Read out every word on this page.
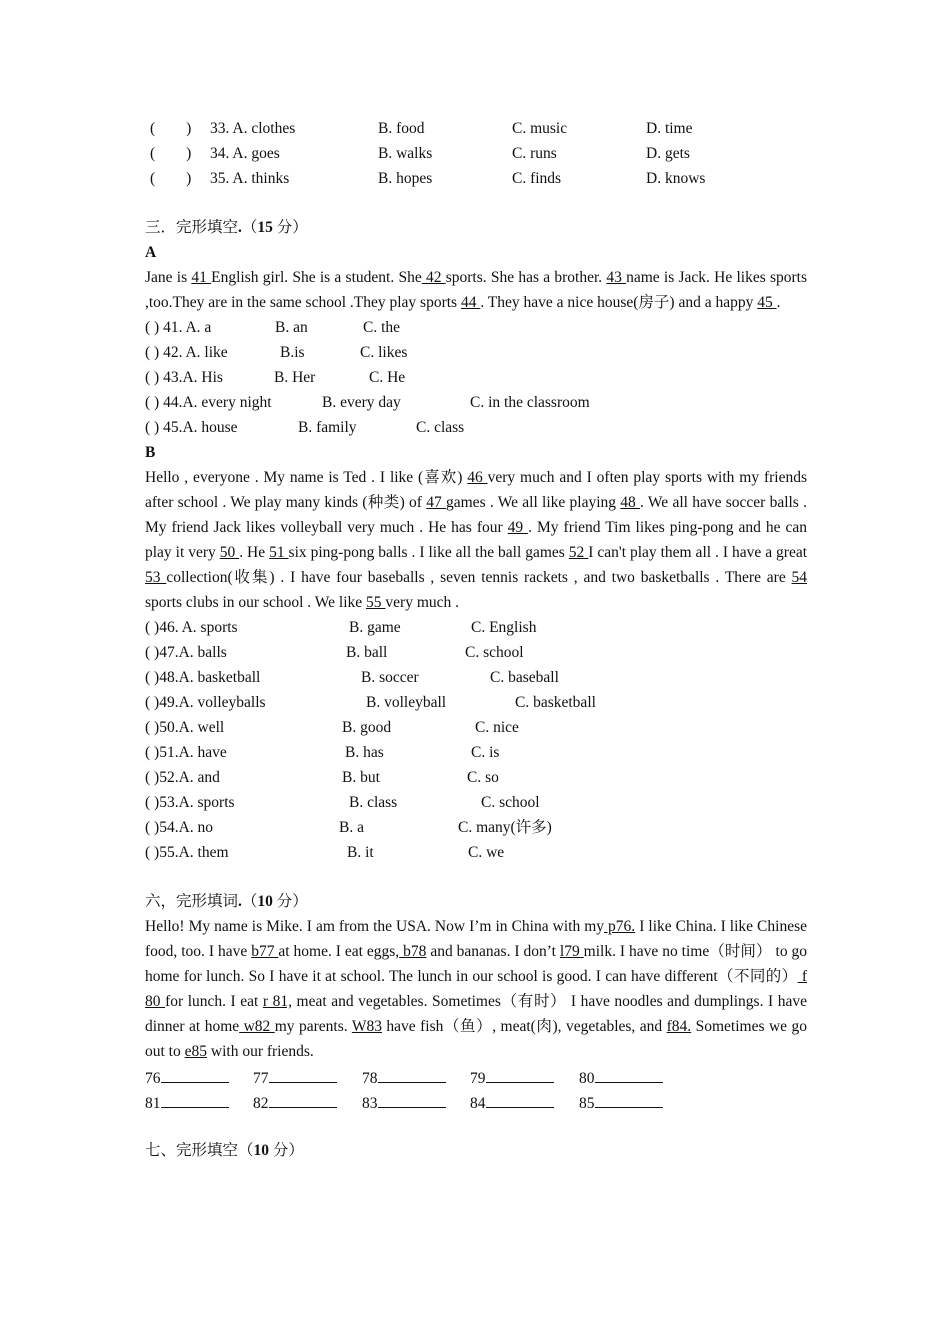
(　　) 33. A. clothes	B. food	C. music	D. time
(　　) 34. A. goes	B. walks	C. runs	D. gets
(　　) 35. A. thinks	B. hopes	C. finds	D. knows
三．完形填空.（15 分）
A
Jane is 41 English girl. She is a student. She 42 sports. She has a brother. 43 name is Jack. He likes sports ,too.They are in the same school .They play sports 44 . They have a nice house(房子) and a happy 45 .
( ) 41. A. a	B. an	C. the
( ) 42. A. like	B.is	C. likes
( ) 43.A. His	B. Her	C. He
( ) 44.A. every night	B. every day	C. in the classroom
( ) 45.A. house	B. family	C. class
B
Hello , everyone . My name is Ted . I like (喜欢) 46 very much and I often play sports with my friends after school . We play many kinds (种类) of 47 games . We all like playing 48 . We all have soccer balls . My friend Jack likes volleyball very much . He has four 49 . My friend Tim likes ping-pong and he can play it very 50 . He 51 six ping-pong balls . I like all the ball games 52 I can't play them all . I have a great 53 collection(收集) . I have four baseballs , seven tennis rackets , and two basketballs . There are 54 sports clubs in our school . We like 55 very much .
( )46. A. sports	B. game	C. English
( )47.A. balls	B. ball	C. school
( )48.A. basketball	B. soccer	C. baseball
( )49.A. volleyballs	B. volleyball	C. basketball
( )50.A. well	B. good	C. nice
( )51.A. have	B. has	C. is
( )52.A. and	B. but	C. so
( )53.A. sports	B. class	C. school
( )54.A. no	B. a	C. many(许多)
( )55.A. them	B. it	C. we
六，完形填词.（10 分）
Hello! My name is Mike. I am from the USA. Now I’m in China with my p76. I like China. I like Chinese food, too. I have b77 at home. I eat eggs, b78 and bananas. I don’t l79 milk. I have no time（时间） to go home for lunch. So I have it at school. The lunch in our school is good. I can have different（不同的） f 80 for lunch. I eat r 81, meat and vegetables. Sometimes（有时） I have noodles and dumplings. I have dinner at home w82 my parents. W83 have fish（鱼）, meat(肉), vegetables, and f84. Sometimes we go out to e85 with our friends.
76	77	78	79	80
81	82	83	84	85
七、完形填空（10 分）
